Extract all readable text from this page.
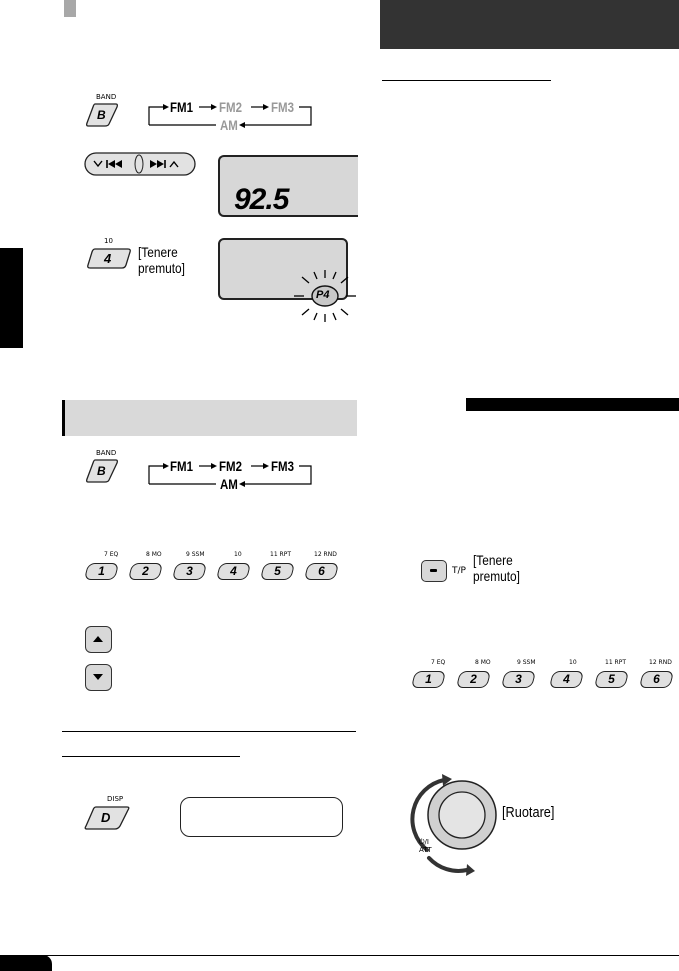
BAND
B	FM1 FM2 FM3
AM
92.5
10
4 [Tenere
premuto]
P4
BAND
B	FM1 FM2 FM3
AM
7 EQ
1
8 MO
2
9 SSM
3
10
4
11 RPT
5
12 RND
6
DISP
D
T/P
[Tenere
premuto]
7 EQ
1
8 MO
2
9 SSM
3
10
4
11 RPT
5
12 RND
6
⏻/I
ATT
[Ruotare]
